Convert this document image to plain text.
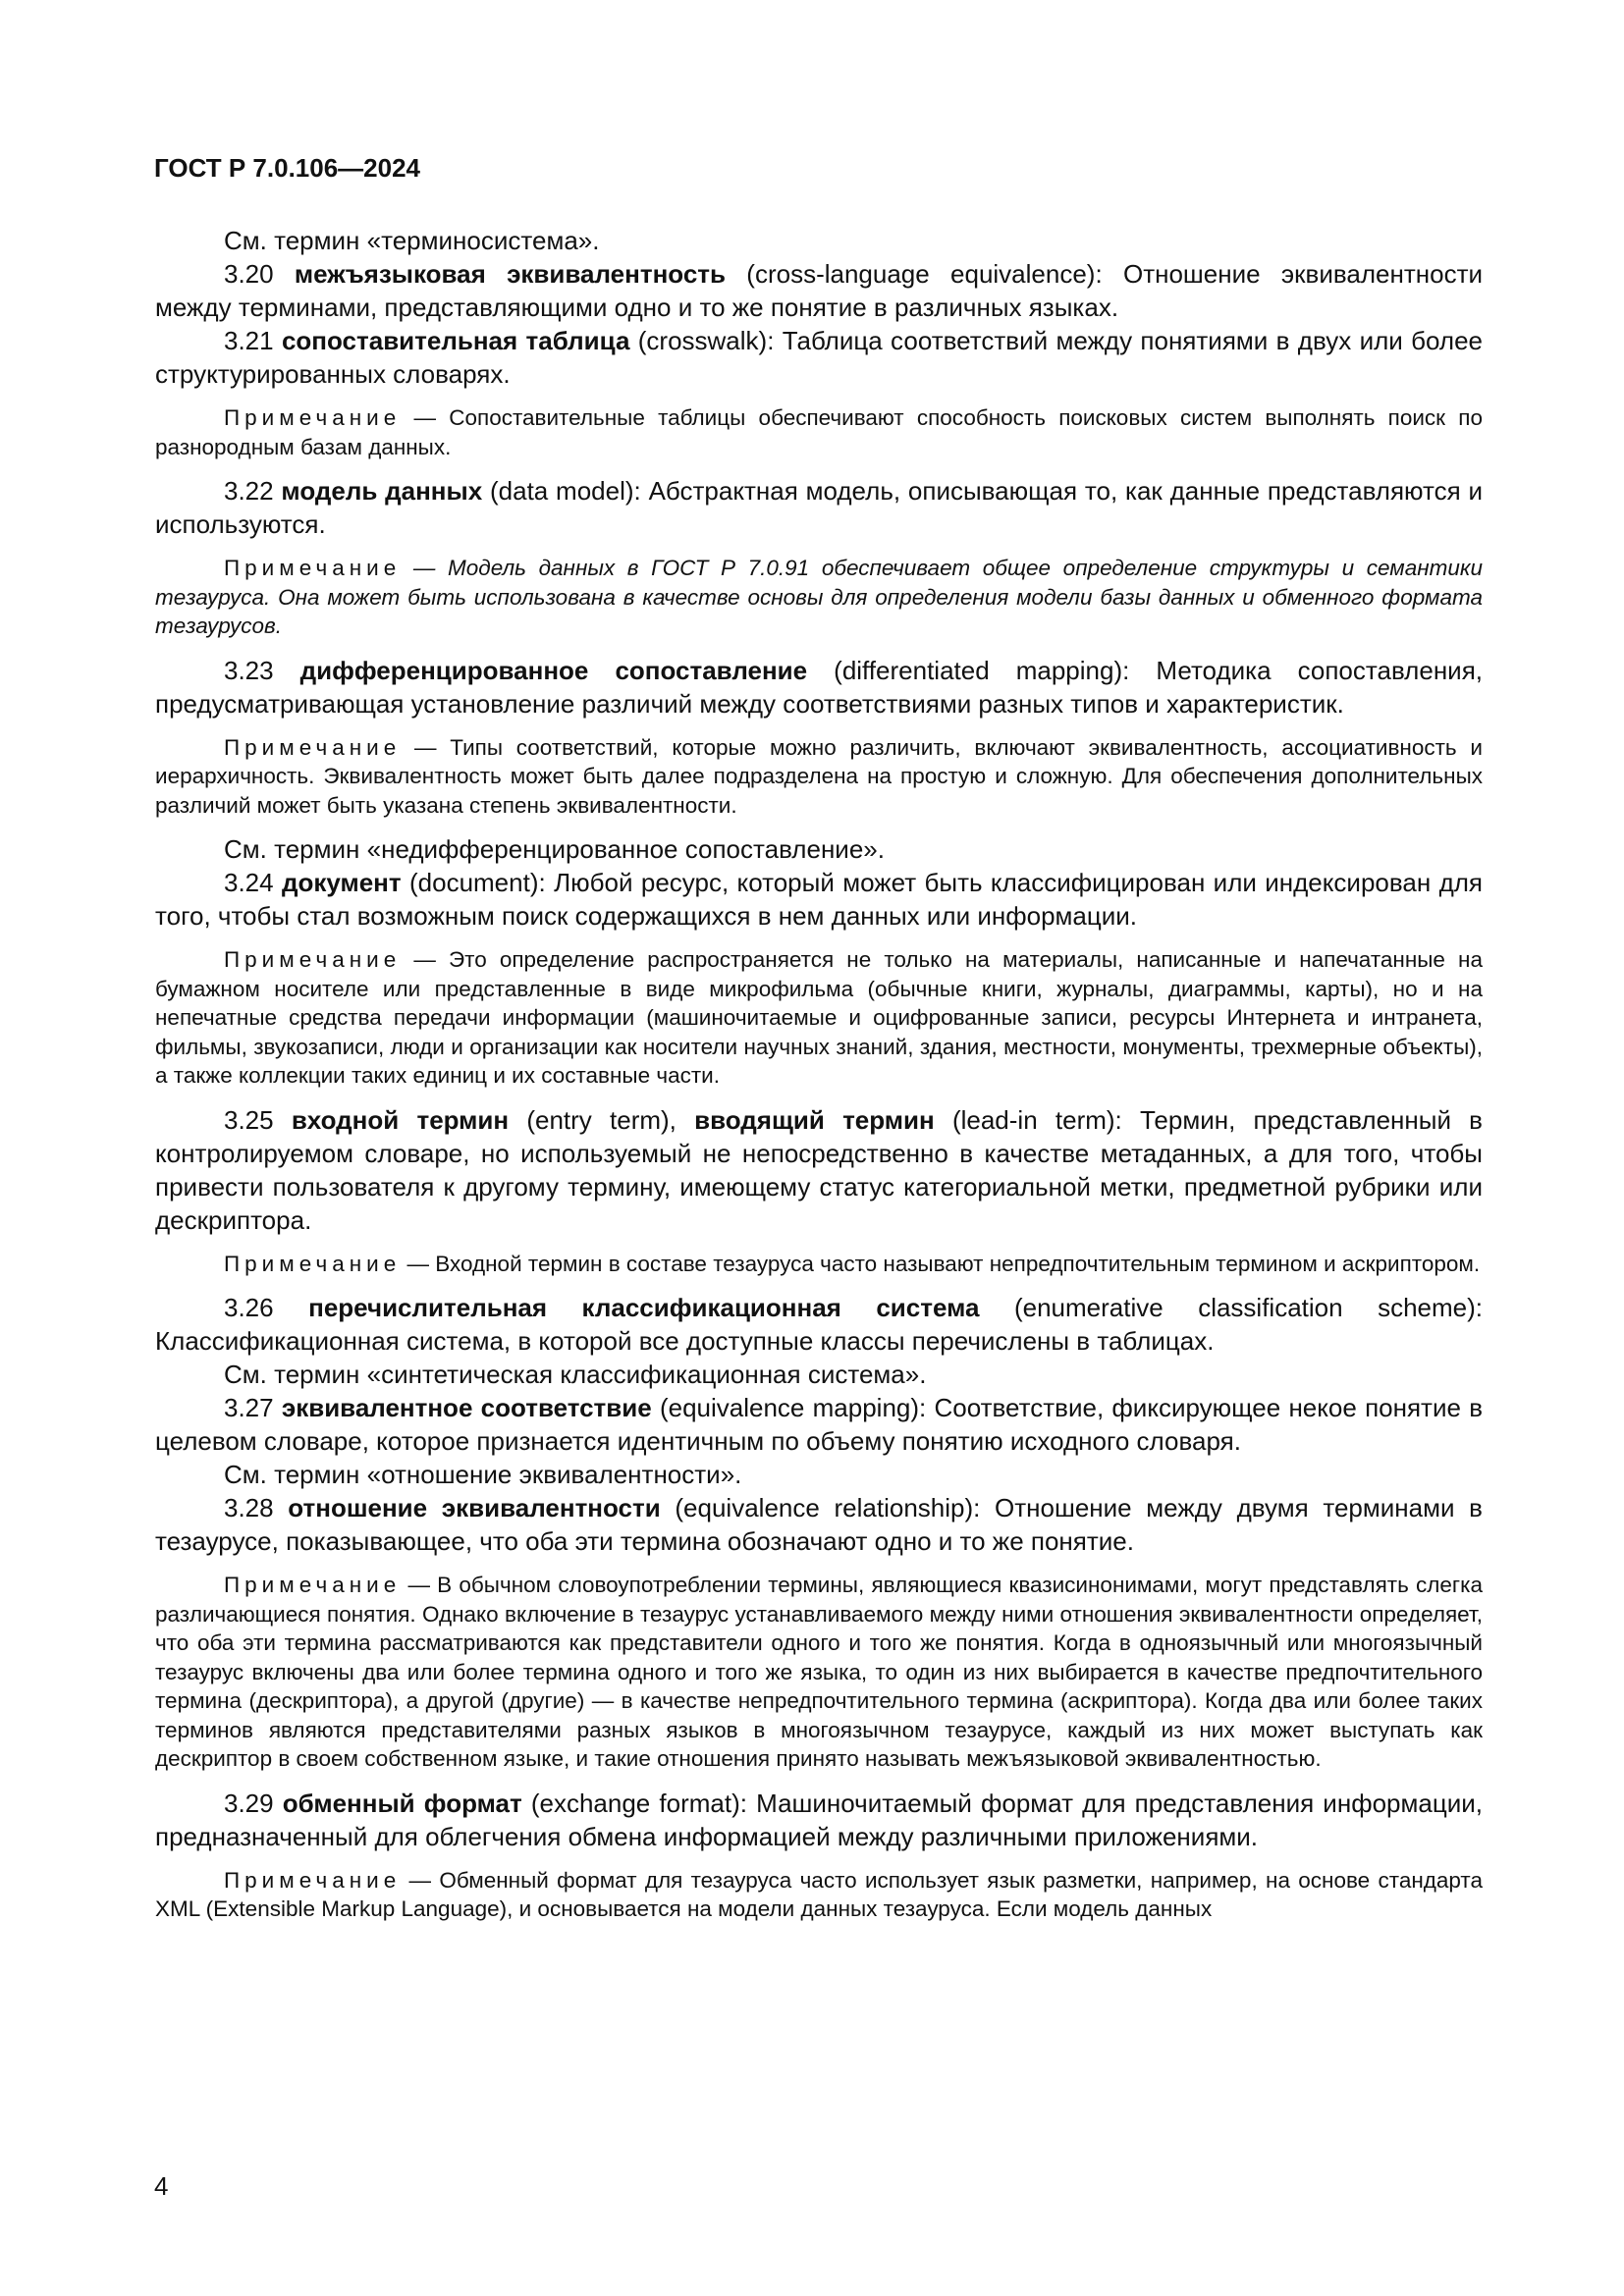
ГОСТ Р 7.0.106—2024

См. термин «терминосистема».

3.20 межъязыковая эквивалентность (cross-language equivalence): Отношение эквивалентности между терминами, представляющими одно и то же понятие в различных языках.

3.21 сопоставительная таблица (crosswalk): Таблица соответствий между понятиями в двух или более структурированных словарях.

Примечание — Сопоставительные таблицы обеспечивают способность поисковых систем выполнять поиск по разнородным базам данных.

3.22 модель данных (data model): Абстрактная модель, описывающая то, как данные представляются и используются.

Примечание — Модель данных в ГОСТ Р 7.0.91 обеспечивает общее определение структуры и семантики тезауруса. Она может быть использована в качестве основы для определения модели базы данных и обменного формата тезаурусов.

3.23 дифференцированное сопоставление (differentiated mapping): Методика сопоставления, предусматривающая установление различий между соответствиями разных типов и характеристик.

Примечание — Типы соответствий, которые можно различить, включают эквивалентность, ассоциативность и иерархичность. Эквивалентность может быть далее подразделена на простую и сложную. Для обеспечения дополнительных различий может быть указана степень эквивалентности.

См. термин «недифференцированное сопоставление».

3.24 документ (document): Любой ресурс, который может быть классифицирован или индексирован для того, чтобы стал возможным поиск содержащихся в нем данных или информации.

Примечание — Это определение распространяется не только на материалы, написанные и напечатанные на бумажном носителе или представленные в виде микрофильма (обычные книги, журналы, диаграммы, карты), но и на непечатные средства передачи информации (машиночитаемые и оцифрованные записи, ресурсы Интернета и интранета, фильмы, звукозаписи, люди и организации как носители научных знаний, здания, местности, монументы, трехмерные объекты), а также коллекции таких единиц и их составные части.

3.25 входной термин (entry term), вводящий термин (lead-in term): Термин, представленный в контролируемом словаре, но используемый не непосредственно в качестве метаданных, а для того, чтобы привести пользователя к другому термину, имеющему статус категориальной метки, предметной рубрики или дескриптора.

Примечание — Входной термин в составе тезауруса часто называют непредпочтительным термином и аскриптором.

3.26 перечислительная классификационная система (enumerative classification scheme): Классификационная система, в которой все доступные классы перечислены в таблицах.

См. термин «синтетическая классификационная система».

3.27 эквивалентное соответствие (equivalence mapping): Соответствие, фиксирующее некое понятие в целевом словаре, которое признается идентичным по объему понятию исходного словаря.

См. термин «отношение эквивалентности».

3.28 отношение эквивалентности (equivalence relationship): Отношение между двумя терминами в тезаурусе, показывающее, что оба эти термина обозначают одно и то же понятие.

Примечание — В обычном словоупотреблении термины, являющиеся квазисинонимами, могут представлять слегка различающиеся понятия. Однако включение в тезаурус устанавливаемого между ними отношения эквивалентности определяет, что оба эти термина рассматриваются как представители одного и того же понятия. Когда в одноязычный или многоязычный тезаурус включены два или более термина одного и того же языка, то один из них выбирается в качестве предпочтительного термина (дескриптора), а другой (другие) — в качестве непредпочтительного термина (аскриптора). Когда два или более таких терминов являются представителями разных языков в многоязычном тезаурусе, каждый из них может выступать как дескриптор в своем собственном языке, и такие отношения принято называть межъязыковой эквивалентностью.

3.29 обменный формат (exchange format): Машиночитаемый формат для представления информации, предназначенный для облегчения обмена информацией между различными приложениями.

Примечание — Обменный формат для тезауруса часто использует язык разметки, например, на основе стандарта XML (Extensible Markup Language), и основывается на модели данных тезауруса. Если модель данных

4
